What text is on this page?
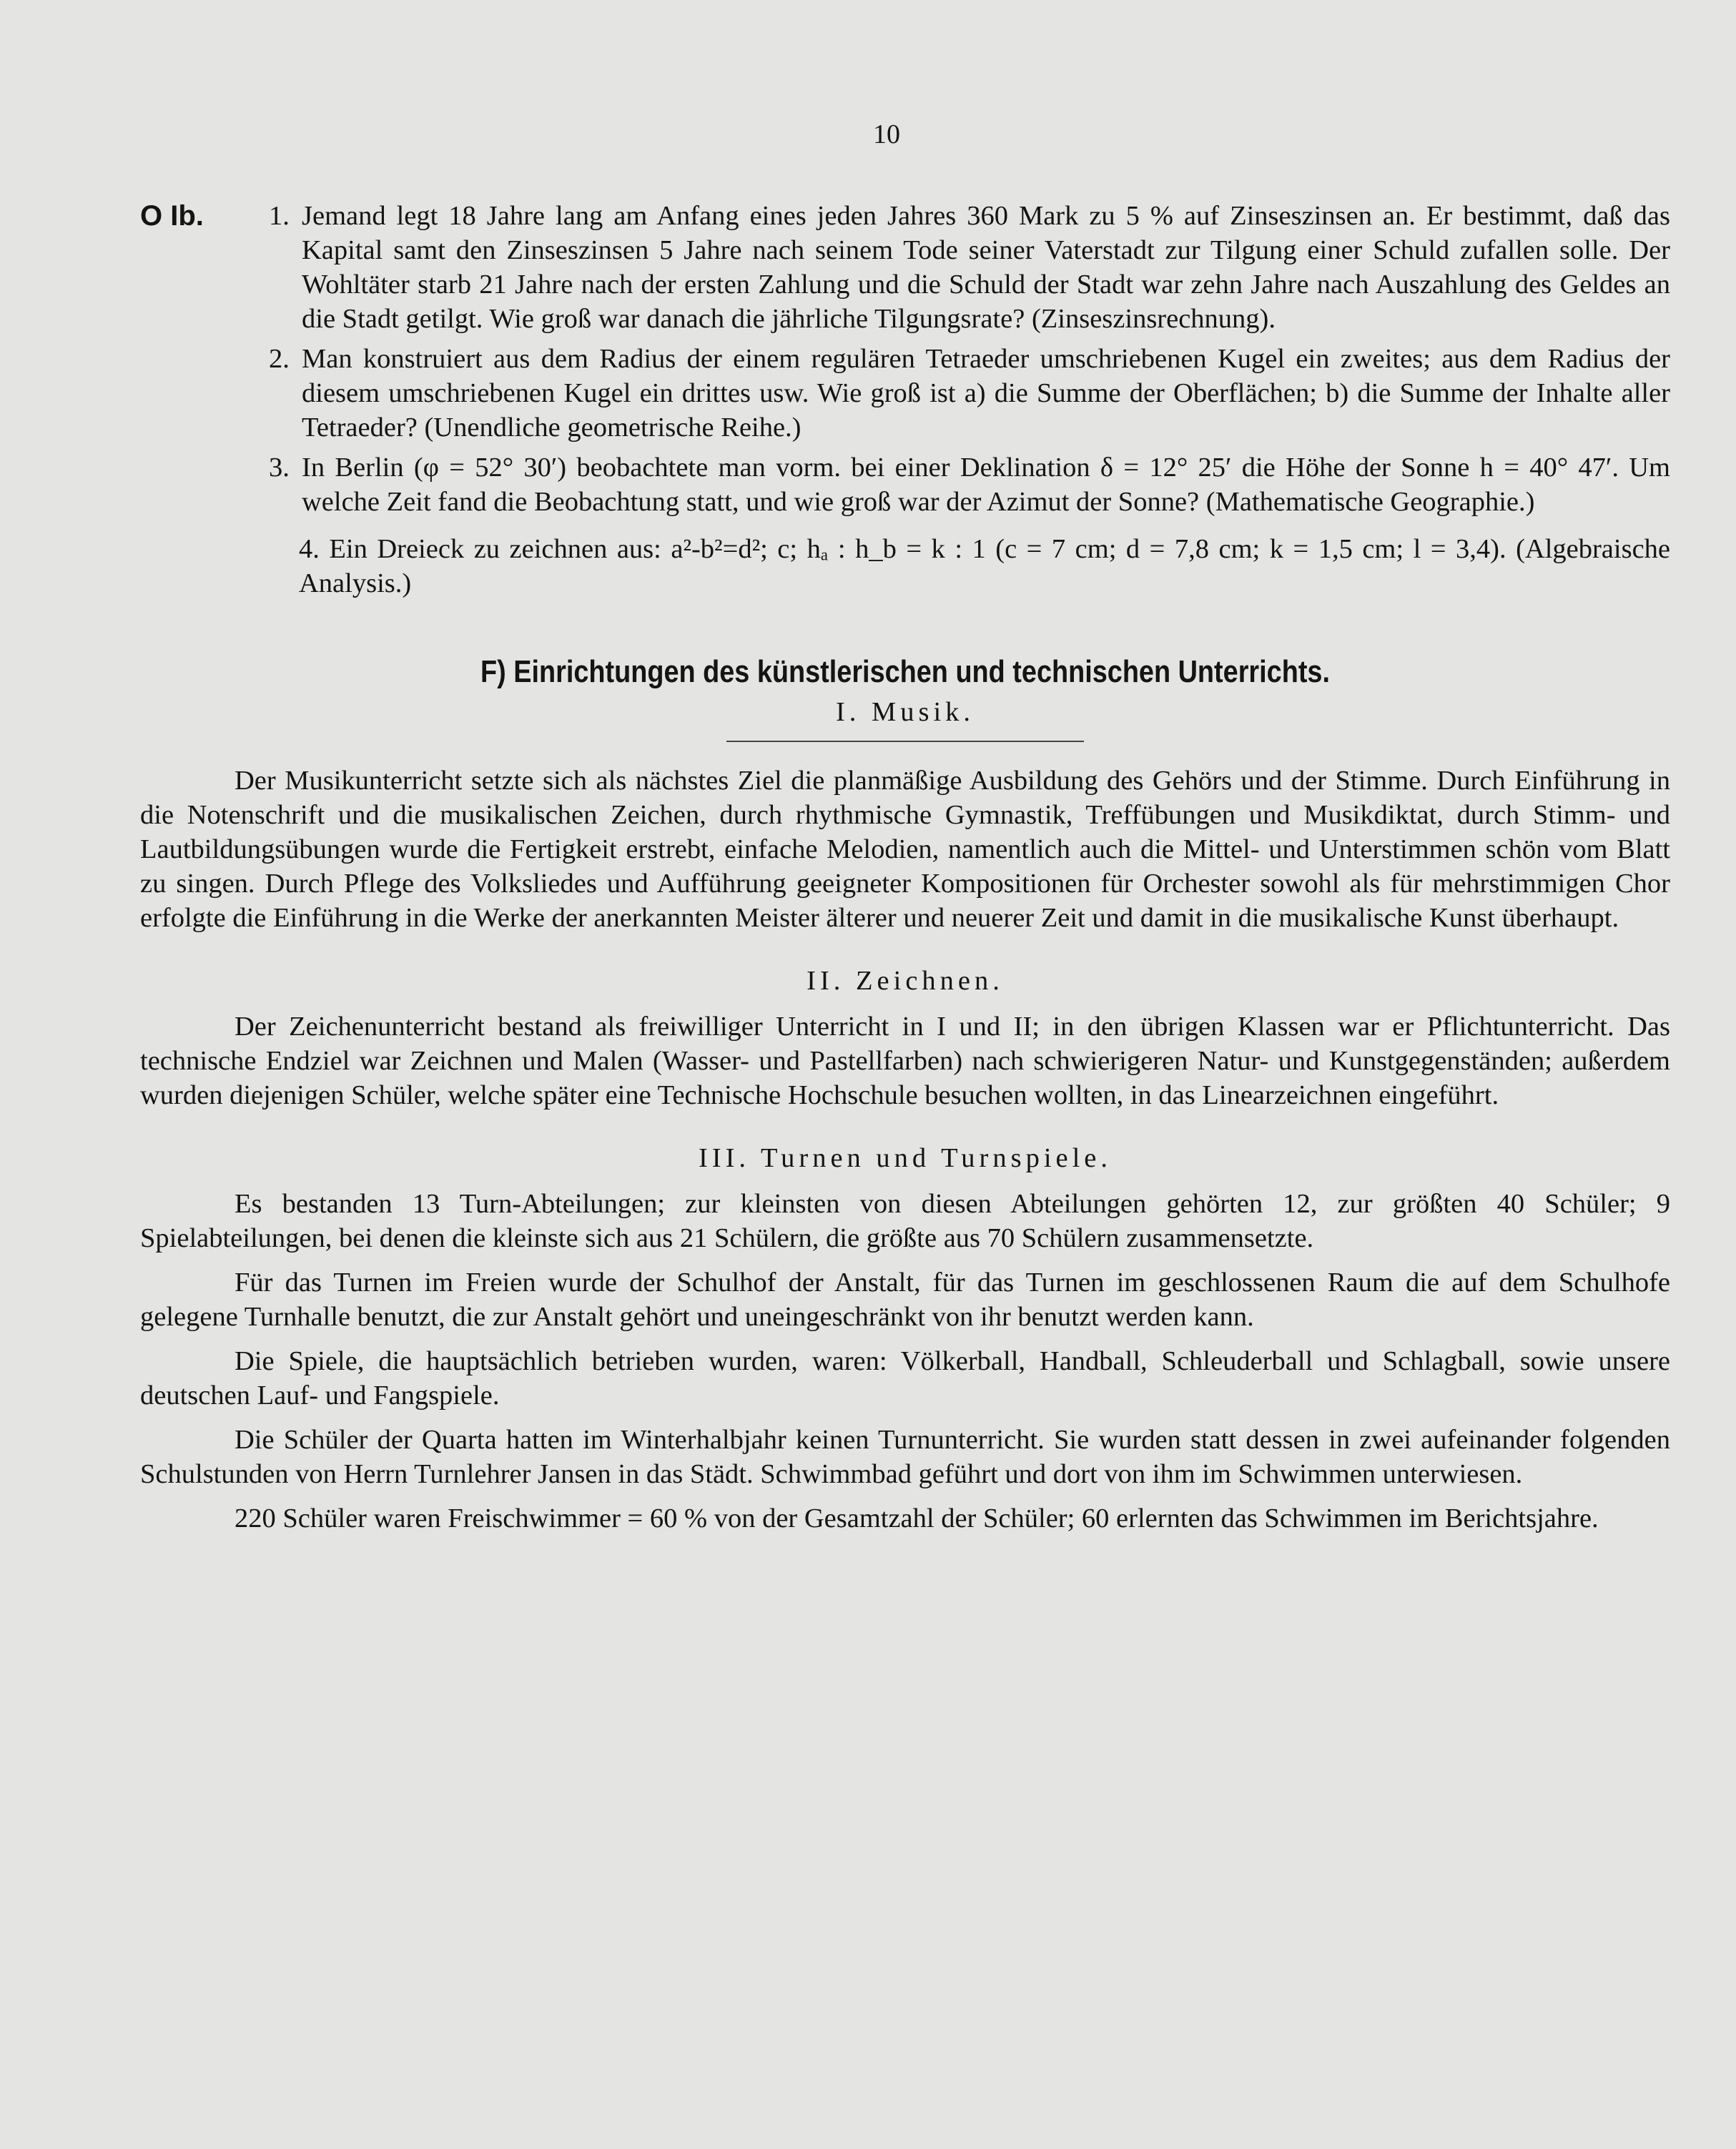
10
O Ib.	1. Jemand legt 18 Jahre lang am Anfang eines jeden Jahres 360 Mark zu 5 % auf Zinseszinsen an. Er bestimmt, daß das Kapital samt den Zinseszinsen 5 Jahre nach seinem Tode seiner Vaterstadt zur Tilgung einer Schuld zufallen solle. Der Wohltäter starb 21 Jahre nach der ersten Zahlung und die Schuld der Stadt war zehn Jahre nach Auszahlung des Geldes an die Stadt getilgt. Wie groß war danach die jährliche Tilgungsrate? (Zinseszinsrechnung).
2. Man konstruiert aus dem Radius der einem regulären Tetraeder umschriebenen Kugel ein zweites; aus dem Radius der diesem umschriebenen Kugel ein drittes usw. Wie groß ist a) die Summe der Oberflächen; b) die Summe der Inhalte aller Tetraeder? (Unendliche geometrische Reihe.)
3. In Berlin (φ = 52° 30′) beobachtete man vorm. bei einer Deklination δ = 12° 25′ die Höhe der Sonne h = 40° 47′. Um welche Zeit fand die Beobachtung statt, und wie groß war der Azimut der Sonne? (Mathematische Geographie.)
4. Ein Dreieck zu zeichnen aus: a²-b²=d²; c; hₐ : h_b = k : 1 (c = 7 cm; d = 7,8 cm; k = 1,5 cm; l = 3,4). (Algebraische Analysis.)
F) Einrichtungen des künstlerischen und technischen Unterrichts.
I. Musik.

Der Musikunterricht setzte sich als nächstes Ziel die planmäßige Ausbildung des Gehörs und der Stimme. Durch Einführung in die Notenschrift und die musikalischen Zeichen, durch rhythmische Gymnastik, Treffübungen und Musikdiktat, durch Stimm- und Lautbildungsübungen wurde die Fertigkeit erstrebt, einfache Melodien, namentlich auch die Mittel- und Unterstimmen schön vom Blatt zu singen. Durch Pflege des Volksliedes und Aufführung geeigneter Kompositionen für Orchester sowohl als für mehrstimmigen Chor erfolgte die Einführung in die Werke der anerkannten Meister älterer und neuerer Zeit und damit in die musikalische Kunst überhaupt.

II. Zeichnen.

Der Zeichenunterricht bestand als freiwilliger Unterricht in I und II; in den übrigen Klassen war er Pflichtunterricht. Das technische Endziel war Zeichnen und Malen (Wasser- und Pastellfarben) nach schwierigeren Natur- und Kunstgegenständen; außerdem wurden diejenigen Schüler, welche später eine Technische Hochschule besuchen wollten, in das Linearzeichnen eingeführt.

III. Turnen und Turnspiele.

Es bestanden 13 Turn-Abteilungen; zur kleinsten von diesen Abteilungen gehörten 12, zur größten 40 Schüler; 9 Spielabteilungen, bei denen die kleinste sich aus 21 Schülern, die größte aus 70 Schülern zusammensetzte.

Für das Turnen im Freien wurde der Schulhof der Anstalt, für das Turnen im geschlossenen Raum die auf dem Schulhofe gelegene Turnhalle benutzt, die zur Anstalt gehört und uneingeschränkt von ihr benutzt werden kann.

Die Spiele, die hauptsächlich betrieben wurden, waren: Völkerball, Handball, Schleuderball und Schlagball, sowie unsere deutschen Lauf- und Fangspiele.

Die Schüler der Quarta hatten im Winterhalbjahr keinen Turnunterricht. Sie wurden statt dessen in zwei aufeinander folgenden Schulstunden von Herrn Turnlehrer Jansen in das Städt. Schwimmbad geführt und dort von ihm im Schwimmen unterwiesen.

220 Schüler waren Freischwimmer = 60 % von der Gesamtzahl der Schüler; 60 erlernten das Schwimmen im Berichtsjahre.
